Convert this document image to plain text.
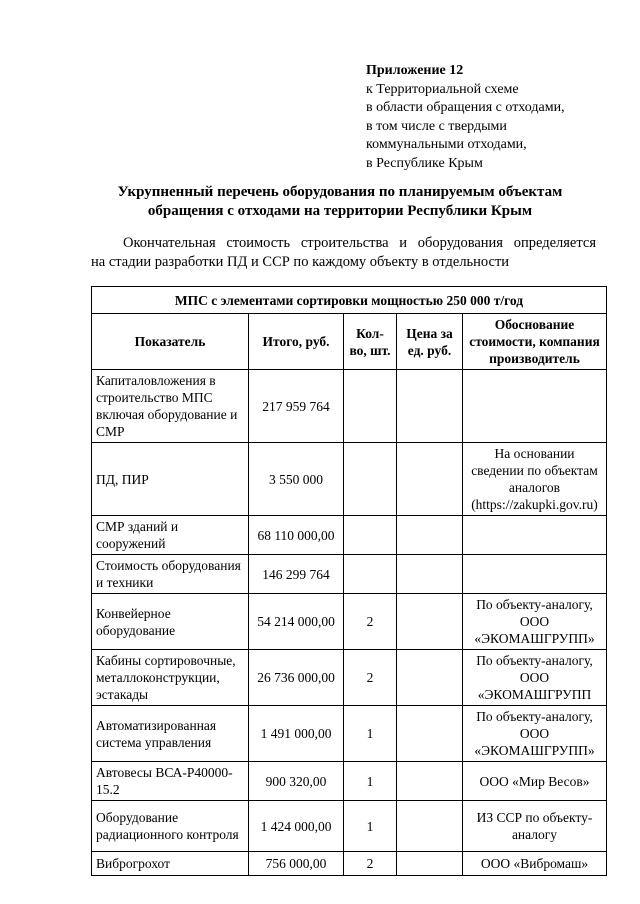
Приложение 12
к Территориальной схеме
в области обращения с отходами,
в том числе с твердыми
коммунальными отходами,
в Республике Крым
Укрупненный перечень оборудования по планируемым объектам
обращения с отходами на территории Республики Крым
Окончательная стоимость строительства и оборудования определяется
на стадии разработки ПД и ССР по каждому объекту в отдельности
МПС с элементами сортировки мощностью 250 000 т/год				
Показатель	Итого, руб.	Кол-во, шт.	Цена за ед. руб.	Обоснование стоимости, компания производитель
Капиталовложения в строительство МПС включая оборудование и СМР	217 959 764			
ПД, ПИР	3 550 000			На основании сведении по объектам аналогов (https://zakupki.gov.ru)
СМР зданий и сооружений	68 110 000,00			
Стоимость оборудования и техники	146 299 764			
Конвейерное оборудование	54 214 000,00	2		По объекту-аналогу, ООО «ЭКОМАШГРУПП»
Кабины сортировочные, металлоконструкции, эстакады	26 736 000,00	2		По объекту-аналогу, ООО «ЭКОМАШГРУПП
Автоматизированная система управления	1 491 000,00	1		По объекту-аналогу, ООО «ЭКОМАШГРУПП»
Автовесы ВСА-Р40000-15.2	900 320,00	1		ООО «Мир Весов»
Оборудование радиационного контроля	1 424 000,00	1		ИЗ ССР по объекту-аналогу
Виброгрохот	756 000,00	2		ООО «Вибромаш»
